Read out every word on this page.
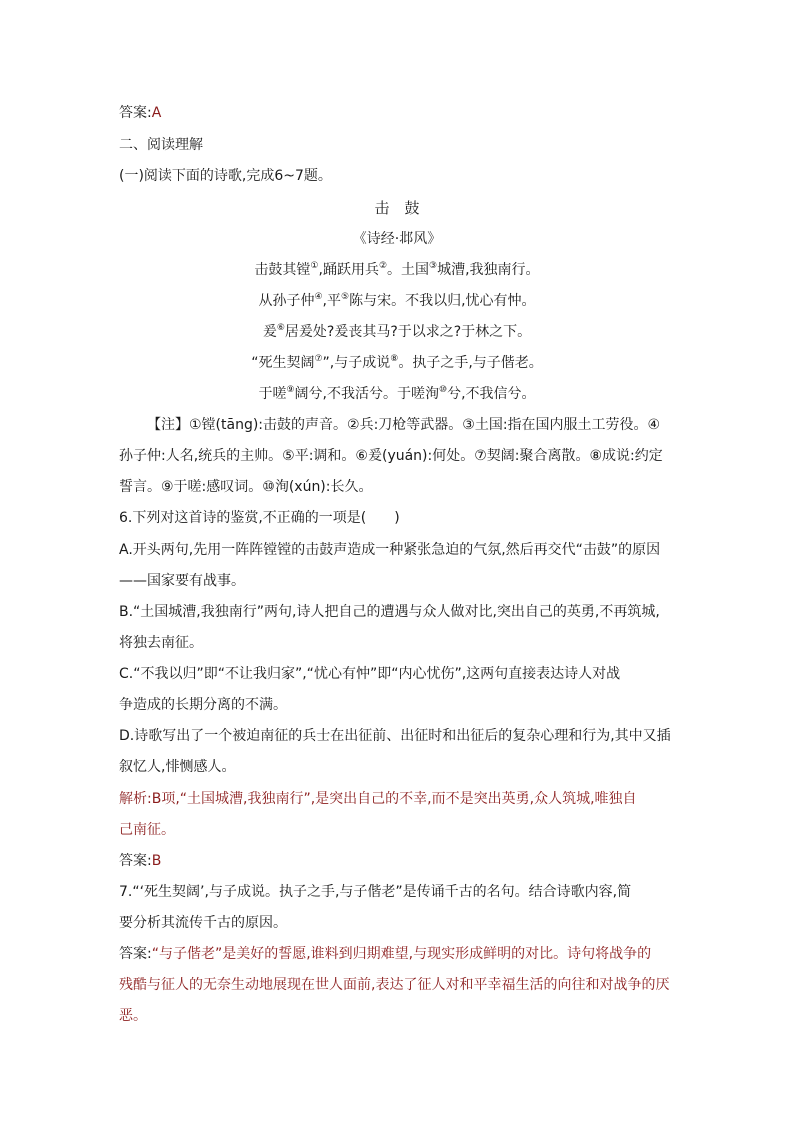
答案:A
二、阅读理解
(一)阅读下面的诗歌,完成6~7题。
击　鼓
《诗经·邶风》
击鼓其镗①,踊跃用兵②。土国③城漕,我独南行。
从孙子仲④,平⑤陈与宋。不我以归,忧心有忡。
爰⑥居爰处?爰丧其马?于以求之?于林之下。
“死生契阔⑦”,与子成说⑧。执子之手,与子偕老。
于嗟⑨阔兮,不我活兮。于嗟洵⑩兮,不我信兮。
【注】①镗(tāng):击鼓的声音。②兵:刀枪等武器。③土国:指在国内服土工劳役。④
孙子仲:人名,统兵的主帅。⑤平:调和。⑥爰(yuán):何处。⑦契阔:聚合离散。⑧成说:约定
誓言。⑨于嗟:感叹词。⑩洵(xún):长久。
6.下列对这首诗的鉴赏,不正确的一项是(　　)
A.开头两句,先用一阵阵镗镗的击鼓声造成一种紧张急迫的气氛,然后再交代“击鼓”的原因
——国家要有战事。
B.“土国城漕,我独南行”两句,诗人把自己的遭遇与众人做对比,突出自己的英勇,不再筑城,
将独去南征。
C.“不我以归”即“不让我归家”,“忧心有忡”即“内心忧伤”,这两句直接表达诗人对战
争造成的长期分离的不满。
D.诗歌写出了一个被迫南征的兵士在出征前、出征时和出征后的复杂心理和行为,其中又插
叙忆人,悱恻感人。
解析:B项,“土国城漕,我独南行”,是突出自己的不幸,而不是突出英勇,众人筑城,唯独自
己南征。
答案:B
7.“‘死生契阔’,与子成说。执子之手,与子偕老”是传诵千古的名句。结合诗歌内容,简
要分析其流传千古的原因。
答案:“与子偕老”是美好的誓愿,谁料到归期难望,与现实形成鲜明的对比。诗句将战争的
残酷与征人的无奈生动地展现在世人面前,表达了征人对和平幸福生活的向往和对战争的厌
恶。
